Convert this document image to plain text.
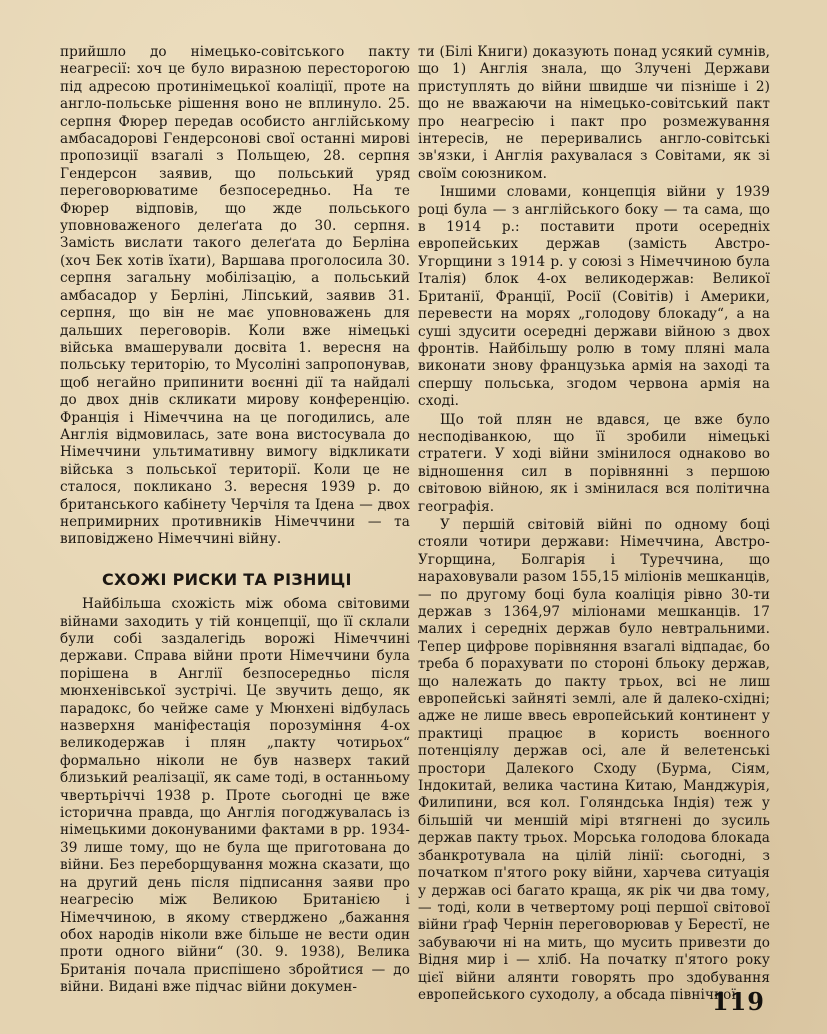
прийшло до німецько-совітського пакту неагресії: хоч це було виразною пересторогою під адресою протинімецької коаліції, проте на англо-польське рішення воно не вплинуло. 25. серпня Фюрер передав особисто англійському амбасадорові Гендерсонові свої останні мирові пропозиції взагалі з Польщею, 28. серпня Гендерсон заявив, що польський уряд переговорюватиме безпосередньо. На те Фюрер відповів, що жде польського уповноваженого делеґата до 30. серпня. Замість вислати такого делеґата до Берліна (хоч Бек хотів їхати), Варшава проголосила 30. серпня загальну мобілізацію, а польський амбасадор у Берліні, Ліпський, заявив 31. серпня, що він не має уповноважень для дальших переговорів. Коли вже німецькі війська вмашерували досвіта 1. вересня на польську територію, то Мусоліні запропонував, щоб негайно припинити воєнні дії та найдалі до двох днів скликати мирову конференцію. Франція і Німеччина на це погодились, але Англія відмовилась, зате вона вистосувала до Німеччини ультимативну вимогу відкликати війська з польської території. Коли це не сталося, покликано 3. вересня 1939 р. до британського кабінету Черчіля та Ідена — двох непримирних противників Німеччини — та виповіджено Німеччині війну.

СХОЖІ РИСКИ ТА РІЗНИЦІ

Найбільша схожість між обома світовими війнами заходить у тій концепції, що її склали були собі заздалегідь ворожі Німеччині держави. Справа війни проти Німеччини була порішена в Англії безпосередньо після мюнхенівської зустрічі. Це звучить дещо, як парадокс, бо чейже саме у Мюнхені відбулась назверхня маніфестація порозуміння 4-ох великодержав і плян „пакту чотирьох“ формально ніколи не був назверх такий близький реалізації, як саме тоді, в останньому чвертьріччі 1938 р. Проте сьогодні це вже історична правда, що Англія погоджувалась із німецькими доконуваними фактами в рр. 1934-39 лише тому, що не була ще приготована до війни. Без переборщування можна сказати, що на другий день після підписання заяви про неагресію між Великою Британією і Німеччиною, в якому стверджено „бажання обох народів ніколи вже більше не вести один проти одного війни“ (30. 9. 1938), Велика Британія почала приспішено збройтися — до війни. Видані вже підчас війни докумен-

ти (Білі Книги) доказують понад усякий сумнів, що 1) Англія знала, що Злучені Держави приступлять до війни швидше чи пізніше і 2) що не вважаючи на німецько-совітський пакт про неагресію і пакт про розмежування інтересів, не переривались англо-совітські зв'язки, і Англія рахувалася з Совітами, як зі своїм союзником.

Іншими словами, концепція війни у 1939 році була — з англійського боку — та сама, що в 1914 р.: поставити проти осередніх европейських держав (замість Австро-Угорщини з 1914 р. у союзі з Німеччиною була Італія) блок 4-ох великодержав: Великої Британії, Франції, Росії (Совітів) і Америки, перевести на морях „голодову блокаду“, а на суші здусити осередні держави війною з двох фронтів. Найбільшу ролю в тому пляні мала виконати знову французька армія на заході та спершу польська, згодом червона армія на сході.

Що той плян не вдався, це вже було несподіванкою, що її зробили німецькі стратеги. У ході війни змінилося однаково во відношення сил в порівнянні з першою світовою війною, як і змінилася вся політична географія.

У першій світовій війні по одному боці стояли чотири держави: Німеччина, Австро-Угорщина, Болгарія і Туреччина, що нараховували разом 155,15 міліонів мешканців, — по другому боці була коаліція рівно 30-ти держав з 1364,97 міліонами мешканців. 17 малих і середніх держав було невтральними. Тепер цифрове порівняння взагалі відпадає, бо треба б порахувати по стороні бльоку держав, що належать до пакту трьох, всі не лиш европейські зайняті землі, але й далеко-східні; адже не лише ввесь европейський континент у практиці працює в користь воєнного потенціялу держав осі, але й велетенські простори Далекого Сходу (Бурма, Сіям, Індокитай, велика частина Китаю, Манджурія, Филипини, вся кол. Голяндська Індія) теж у більшій чи меншій мірі втягнені до зусиль держав пакту трьох. Морська голодова блокада збанкротувала на цілій лінії: сьогодні, з початком п'ятого року війни, харчева ситуація у держав осі багато краща, як рік чи два тому, — тоді, коли в четвертому році першої світової війни ґраф Чернін переговорював у Берестї, не забуваючи ні на мить, що мусить привезти до Відня мир і — хліб. На початку п'ятого року цієї війни алянти говорять про здобування европейського суходолу, а обсада північної

119
